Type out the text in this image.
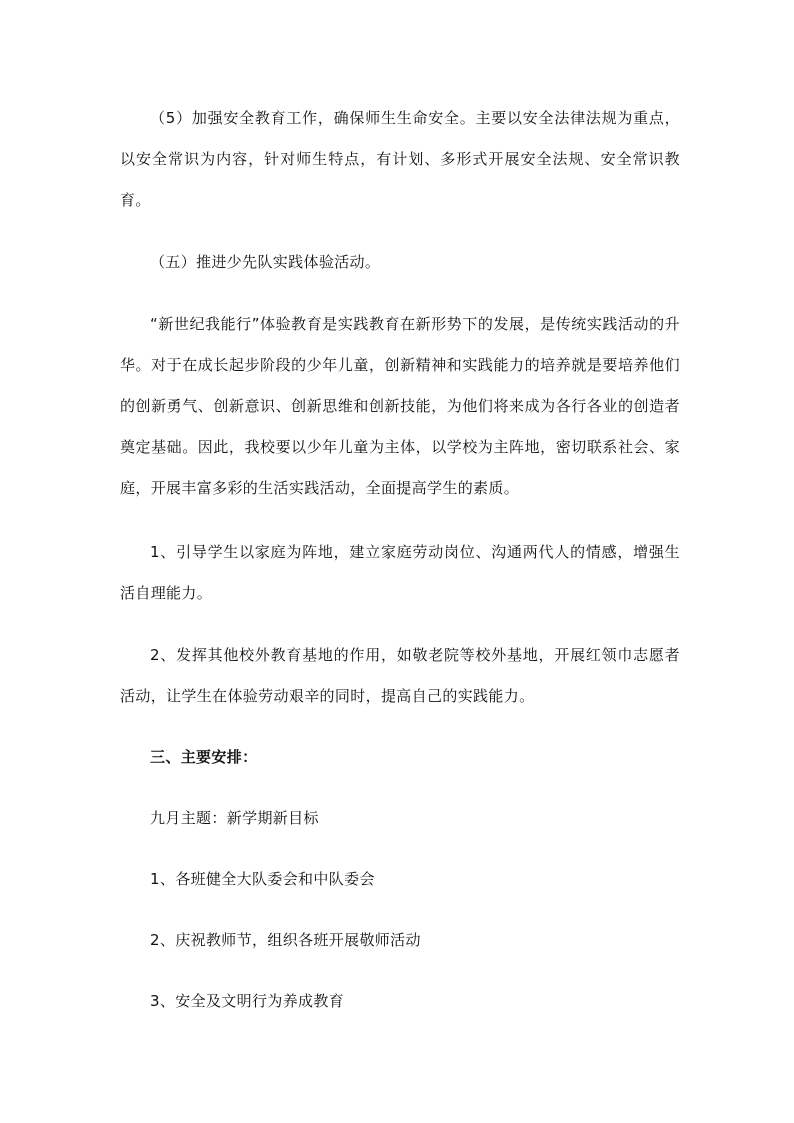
（5）加强安全教育工作，确保师生生命安全。主要以安全法律法规为重点，以安全常识为内容，针对师生特点，有计划、多形式开展安全法规、安全常识教育。

（五）推进少先队实践体验活动。

“新世纪我能行”体验教育是实践教育在新形势下的发展，是传统实践活动的升华。对于在成长起步阶段的少年儿童，创新精神和实践能力的培养就是要培养他们的创新勇气、创新意识、创新思维和创新技能，为他们将来成为各行各业的创造者奠定基础。因此，我校要以少年儿童为主体，以学校为主阵地，密切联系社会、家庭，开展丰富多彩的生活实践活动，全面提高学生的素质。

1、引导学生以家庭为阵地，建立家庭劳动岗位、沟通两代人的情感，增强生活自理能力。

2、发挥其他校外教育基地的作用，如敬老院等校外基地，开展红领巾志愿者活动，让学生在体验劳动艰辛的同时，提高自己的实践能力。

三、主要安排：

九月主题：新学期新目标

1、各班健全大队委会和中队委会

2、庆祝教师节，组织各班开展敬师活动

3、安全及文明行为养成教育
